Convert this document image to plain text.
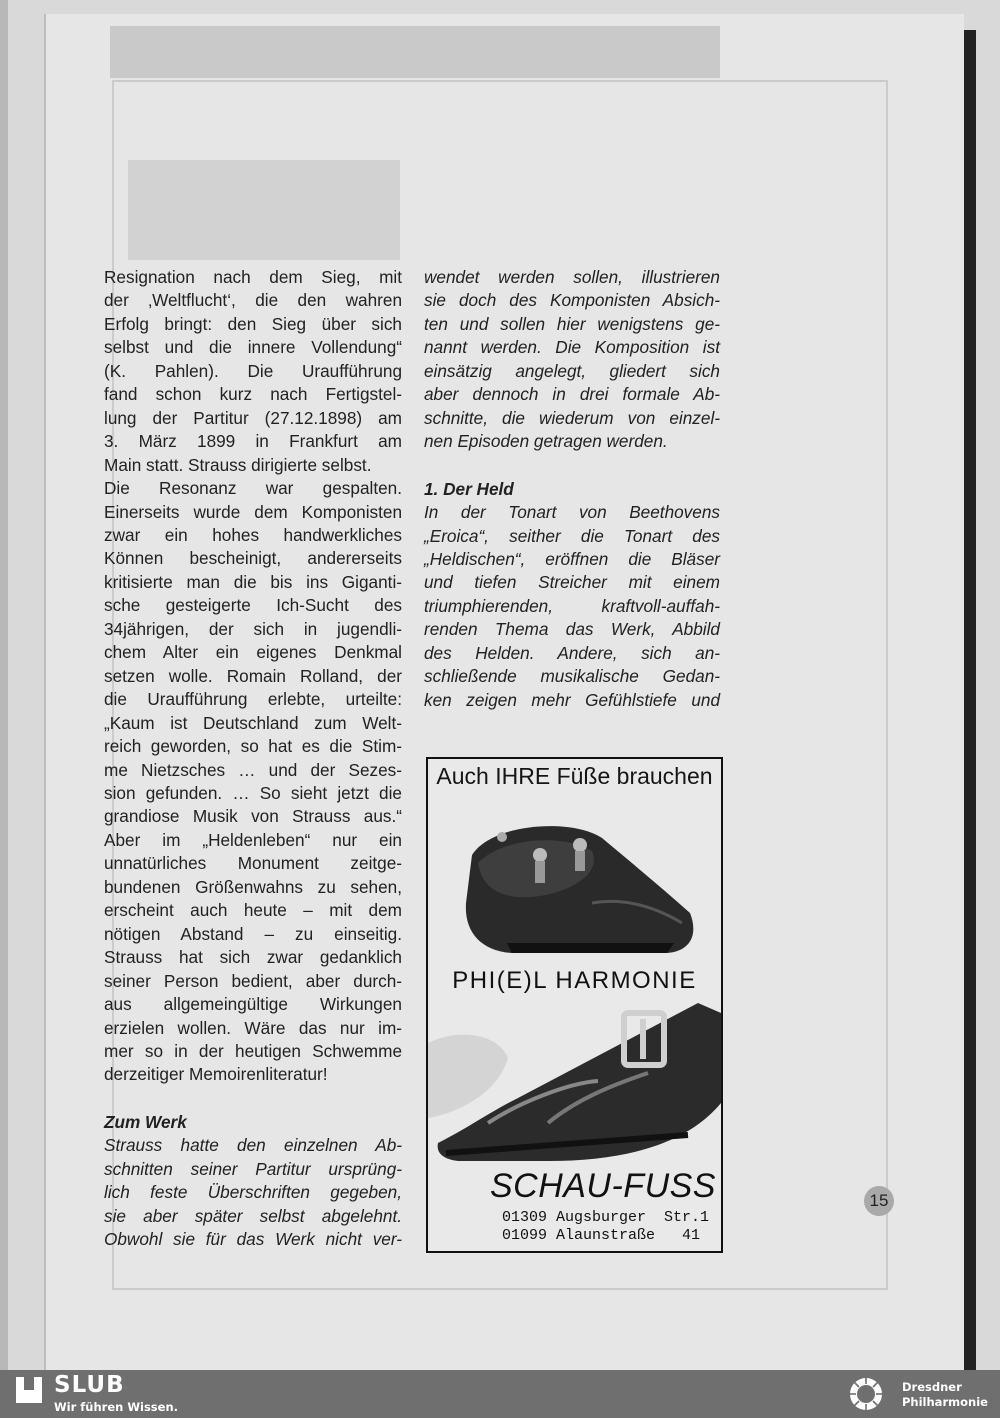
Resignation nach dem Sieg, mit
der ‚Weltflucht‘, die den wahren
Erfolg bringt: den Sieg über sich
selbst und die innere Vollendung“
(K. Pahlen). Die Uraufführung
fand schon kurz nach Fertigstel-
lung der Partitur (27.12.1898) am
3. März 1899 in Frankfurt am
Main statt. Strauss dirigierte selbst.
Die Resonanz war gespalten.
Einerseits wurde dem Komponisten
zwar ein hohes handwerkliches
Können bescheinigt, andererseits
kritisierte man die bis ins Giganti-
sche gesteigerte Ich-Sucht des
34jährigen, der sich in jugendli-
chem Alter ein eigenes Denkmal
setzen wolle. Romain Rolland, der
die Uraufführung erlebte, urteilte:
„Kaum ist Deutschland zum Welt-
reich geworden, so hat es die Stim-
me Nietzsches … und der Sezes-
sion gefunden. … So sieht jetzt die
grandiose Musik von Strauss aus.“
Aber im „Heldenleben“ nur ein
unnatürliches Monument zeitge-
bundenen Größenwahns zu sehen,
erscheint auch heute – mit dem
nötigen Abstand – zu einseitig.
Strauss hat sich zwar gedanklich
seiner Person bedient, aber durch-
aus allgemeingültige Wirkungen
erzielen wollen. Wäre das nur im-
mer so in der heutigen Schwemme
derzeitiger Memoirenliteratur!
Zum Werk
Strauss hatte den einzelnen Ab-
schnitten seiner Partitur ursprüng-
lich feste Überschriften gegeben,
sie aber später selbst abgelehnt.
Obwohl sie für das Werk nicht ver-
wendet werden sollen, illustrieren
sie doch des Komponisten Absich-
ten und sollen hier wenigstens ge-
nannt werden. Die Komposition ist
einsätzig angelegt, gliedert sich
aber dennoch in drei formale Ab-
schnitte, die wiederum von einzel-
nen Episoden getragen werden.
1. Der Held
In der Tonart von Beethovens
„Eroica“, seither die Tonart des
„Heldischen“, eröffnen die Bläser
und tiefen Streicher mit einem
triumphierenden, kraftvoll-auffah-
renden Thema das Werk, Abbild
des Helden. Andere, sich an-
schließende musikalische Gedan-
ken zeigen mehr Gefühlstiefe und
Auch IHRE Füße brauchen
PHI(E)L HARMONIE
SCHAU-FUSS
01309 Augsburger  Str.1
01099 Alaunstraße   41
15
SLUB
Wir führen Wissen.
Dresdner
Philharmonie
